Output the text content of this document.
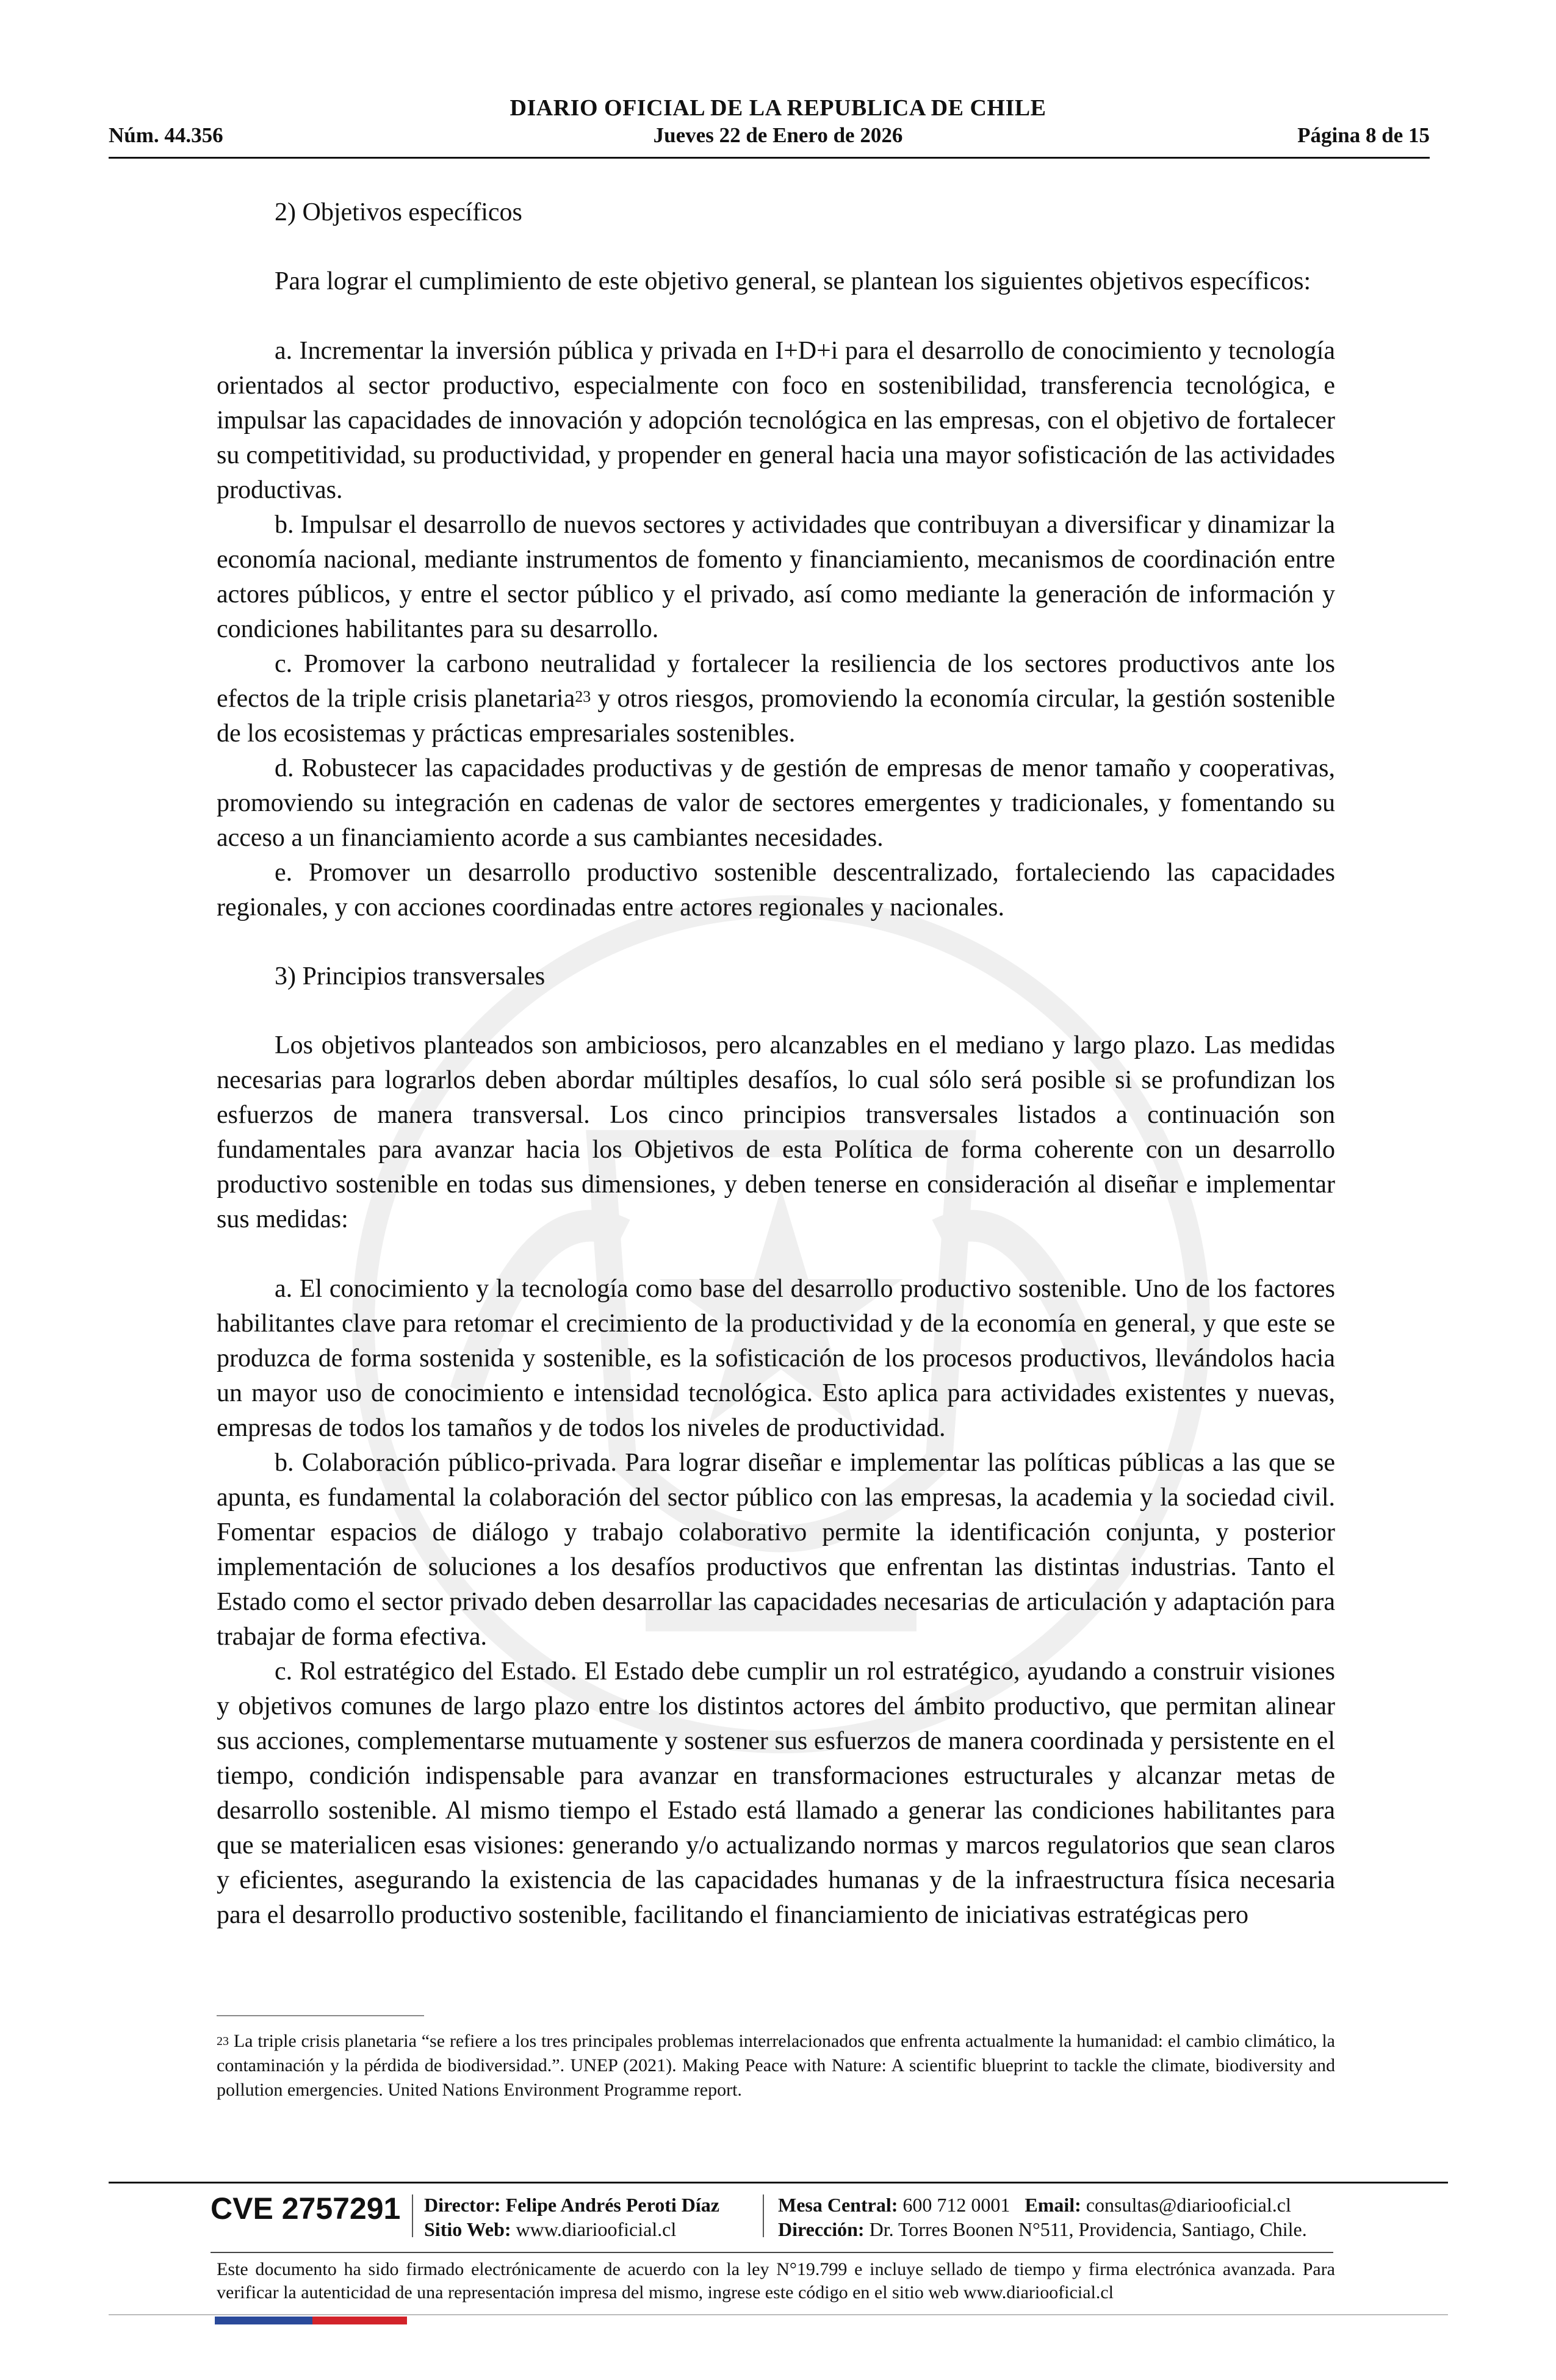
DIARIO OFICIAL DE LA REPUBLICA DE CHILE
Núm. 44.356	Jueves 22 de Enero de 2026	Página 8 de 15

2) Objetivos específicos

Para lograr el cumplimiento de este objetivo general, se plantean los siguientes objetivos específicos:

a. Incrementar la inversión pública y privada en I+D+i para el desarrollo de conocimiento y tecnología orientados al sector productivo, especialmente con foco en sostenibilidad, transferencia tecnológica, e impulsar las capacidades de innovación y adopción tecnológica en las empresas, con el objetivo de fortalecer su competitividad, su productividad, y propender en general hacia una mayor sofisticación de las actividades productivas.

b. Impulsar el desarrollo de nuevos sectores y actividades que contribuyan a diversificar y dinamizar la economía nacional, mediante instrumentos de fomento y financiamiento, mecanismos de coordinación entre actores públicos, y entre el sector público y el privado, así como mediante la generación de información y condiciones habilitantes para su desarrollo.

c. Promover la carbono neutralidad y fortalecer la resiliencia de los sectores productivos ante los efectos de la triple crisis planetaria$^{23}$ y otros riesgos, promoviendo la economía circular, la gestión sostenible de los ecosistemas y prácticas empresariales sostenibles.

d. Robustecer las capacidades productivas y de gestión de empresas de menor tamaño y cooperativas, promoviendo su integración en cadenas de valor de sectores emergentes y tradicionales, y fomentando su acceso a un financiamiento acorde a sus cambiantes necesidades.

e. Promover un desarrollo productivo sostenible descentralizado, fortaleciendo las capacidades regionales, y con acciones coordinadas entre actores regionales y nacionales.

3) Principios transversales

Los objetivos planteados son ambiciosos, pero alcanzables en el mediano y largo plazo. Las medidas necesarias para lograrlos deben abordar múltiples desafíos, lo cual sólo será posible si se profundizan los esfuerzos de manera transversal. Los cinco principios transversales listados a continuación son fundamentales para avanzar hacia los Objetivos de esta Política de forma coherente con un desarrollo productivo sostenible en todas sus dimensiones, y deben tenerse en consideración al diseñar e implementar sus medidas:

a. El conocimiento y la tecnología como base del desarrollo productivo sostenible. Uno de los factores habilitantes clave para retomar el crecimiento de la productividad y de la economía en general, y que este se produzca de forma sostenida y sostenible, es la sofisticación de los procesos productivos, llevándolos hacia un mayor uso de conocimiento e intensidad tecnológica. Esto aplica para actividades existentes y nuevas, empresas de todos los tamaños y de todos los niveles de productividad.

b. Colaboración público-privada. Para lograr diseñar e implementar las políticas públicas a las que se apunta, es fundamental la colaboración del sector público con las empresas, la academia y la sociedad civil. Fomentar espacios de diálogo y trabajo colaborativo permite la identificación conjunta, y posterior implementación de soluciones a los desafíos productivos que enfrentan las distintas industrias. Tanto el Estado como el sector privado deben desarrollar las capacidades necesarias de articulación y adaptación para trabajar de forma efectiva.

c. Rol estratégico del Estado. El Estado debe cumplir un rol estratégico, ayudando a construir visiones y objetivos comunes de largo plazo entre los distintos actores del ámbito productivo, que permitan alinear sus acciones, complementarse mutuamente y sostener sus esfuerzos de manera coordinada y persistente en el tiempo, condición indispensable para avanzar en transformaciones estructurales y alcanzar metas de desarrollo sostenible. Al mismo tiempo el Estado está llamado a generar las condiciones habilitantes para que se materialicen esas visiones: generando y/o actualizando normas y marcos regulatorios que sean claros y eficientes, asegurando la existencia de las capacidades humanas y de la infraestructura física necesaria para el desarrollo productivo sostenible, facilitando el financiamiento de iniciativas estratégicas pero

$^{23}$ La triple crisis planetaria “se refiere a los tres principales problemas interrelacionados que enfrenta actualmente la humanidad: el cambio climático, la contaminación y la pérdida de biodiversidad.”. UNEP (2021). Making Peace with Nature: A scientific blueprint to tackle the climate, biodiversity and pollution emergencies. United Nations Environment Programme report.
CVE 2757291 Director: Felipe Andrés Peroti Díaz
Sitio Web: www.diariooficial.cl
Mesa Central: 600 712 0001 Email: consultas@diariooficial.cl
Dirección: Dr. Torres Boonen N°511, Providencia, Santiago, Chile.
Este documento ha sido firmado electrónicamente de acuerdo con la ley N°19.799 e incluye sellado de tiempo y firma electrónica avanzada. Para verificar la autenticidad de una representación impresa del mismo, ingrese este código en el sitio web www.diariooficial.cl
